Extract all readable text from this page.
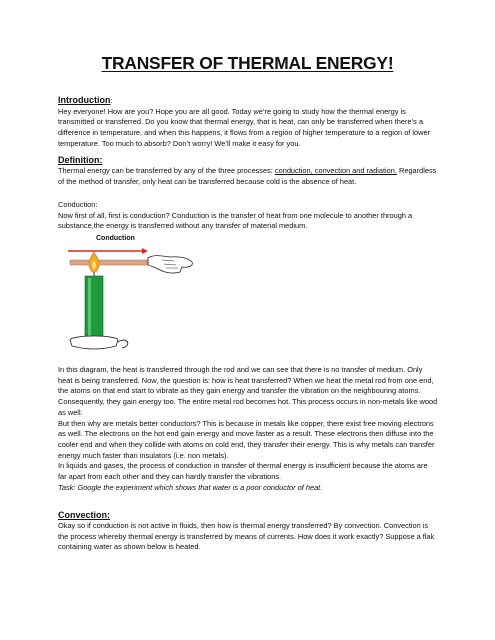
TRANSFER OF THERMAL ENERGY!
Introduction:

Hey everyone! How are you? Hope you are all good. Today we’re going to study how the thermal energy is transmitted or transferred. Do you know that thermal energy, that is heat, can only be transferred when there’s a difference in temperature, and when this happens, it flows from a region of higher temperature to a region of lower temperature. Too much to absorb? Don’t worry! We’ll make it easy for you.

Definition:

Thermal energy can be transferred by any of the three processes: conduction, convection and radiation. Regardless of the method of transfer, only heat can be transferred because cold is the absence of heat.

Conduction:

Now first of all, first is conduction? Conduction is the transfer of heat from one molecule to another through a substance,the energy is transferred without any transfer of material medium.

Conduction

In this diagram, the heat is transferred through the rod and we can see that there is no transfer of medium. Only heat is being transferred. Now, the question is: how is heat transferred? When we heat the metal rod from one end, the atoms on that end start to vibrate as they gain energy and transfer the vibration on the neighbouring atoms. Consequently, they gain energy too. The entire metal rod becomes hot. This process occurs in non-metals like wood as well.

But then why are metals better conductors? This is because in metals like copper, there exist free moving electrons as well. The electrons on the hot end gain energy and move faster as a result. These electrons then diffuse into the cooler end and when they collide with atoms on cold end, they transfer their energy. This is why metals can transfer energy much faster than insulators (i.e. non metals).

In liquids and gases, the process of conduction in transfer of thermal energy is insufficient because the atoms are far apart from each other and they can hardly transfer the vibrations.

Task: Google the experiment which shows that water is a poor conductor of heat.

Convection:

Okay so if conduction is not active in fluids, then how is thermal energy transferred? By convection. Convection is the process whereby thermal energy is transferred by means of currents. How does it work exactly? Suppose a flak containing water as shown below is heated.
